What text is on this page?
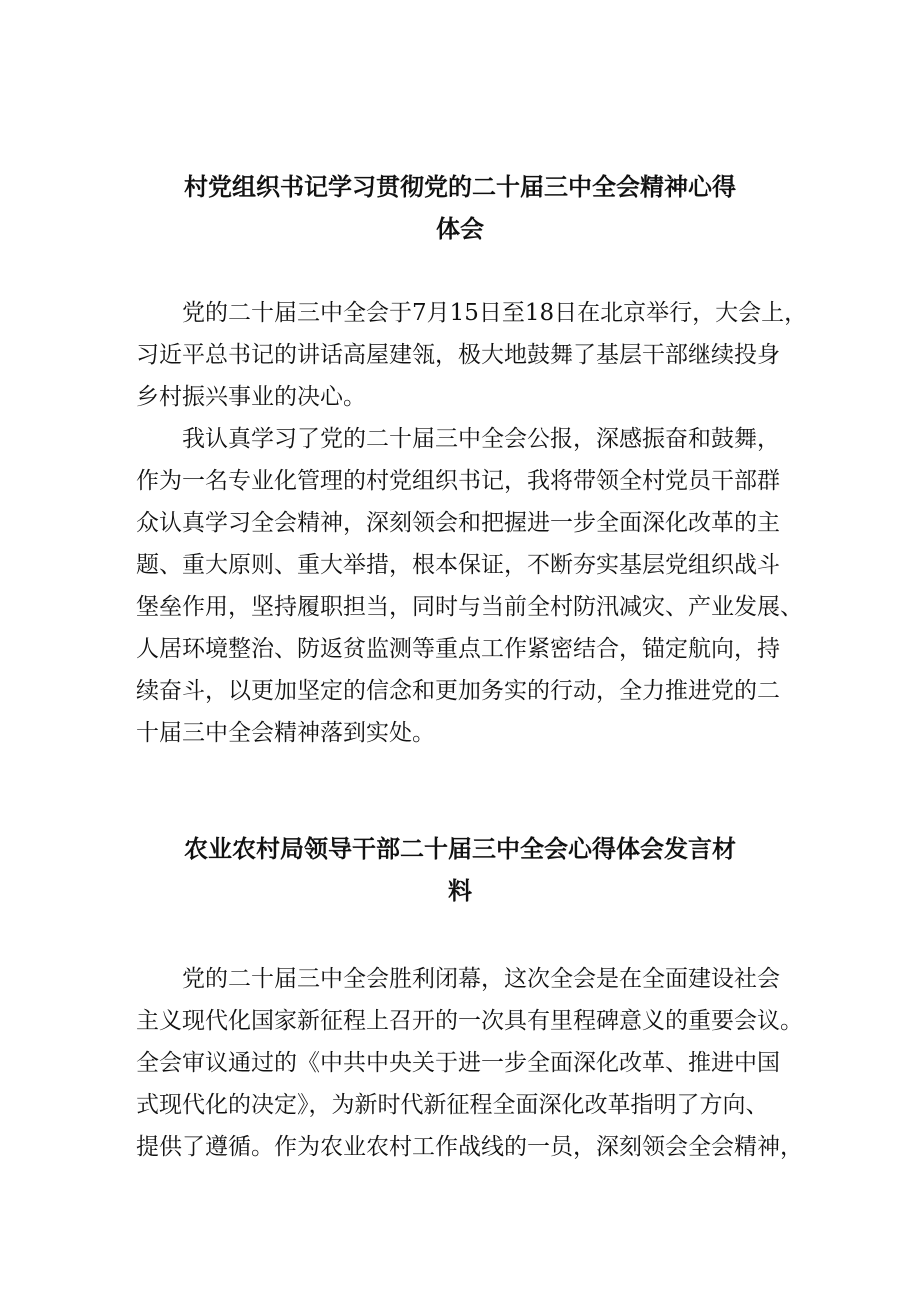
村党组织书记学习贯彻党的二十届三中全会精神心得
体会

党的二十届三中全会于7月15日至18日在北京举行，大会上，
习近平总书记的讲话高屋建瓴，极大地鼓舞了基层干部继续投身
乡村振兴事业的决心。

我认真学习了党的二十届三中全会公报，深感振奋和鼓舞，
作为一名专业化管理的村党组织书记，我将带领全村党员干部群
众认真学习全会精神，深刻领会和把握进一步全面深化改革的主
题、重大原则、重大举措，根本保证，不断夯实基层党组织战斗
堡垒作用，坚持履职担当，同时与当前全村防汛减灾、产业发展、
人居环境整治、防返贫监测等重点工作紧密结合，锚定航向，持
续奋斗，以更加坚定的信念和更加务实的行动，全力推进党的二
十届三中全会精神落到实处。

农业农村局领导干部二十届三中全会心得体会发言材
料

党的二十届三中全会胜利闭幕，这次全会是在全面建设社会
主义现代化国家新征程上召开的一次具有里程碑意义的重要会议。
全会审议通过的《中共中央关于进一步全面深化改革、推进中国
式现代化的决定》，为新时代新征程全面深化改革指明了方向、
提供了遵循。作为农业农村工作战线的一员，深刻领会全会精神，
